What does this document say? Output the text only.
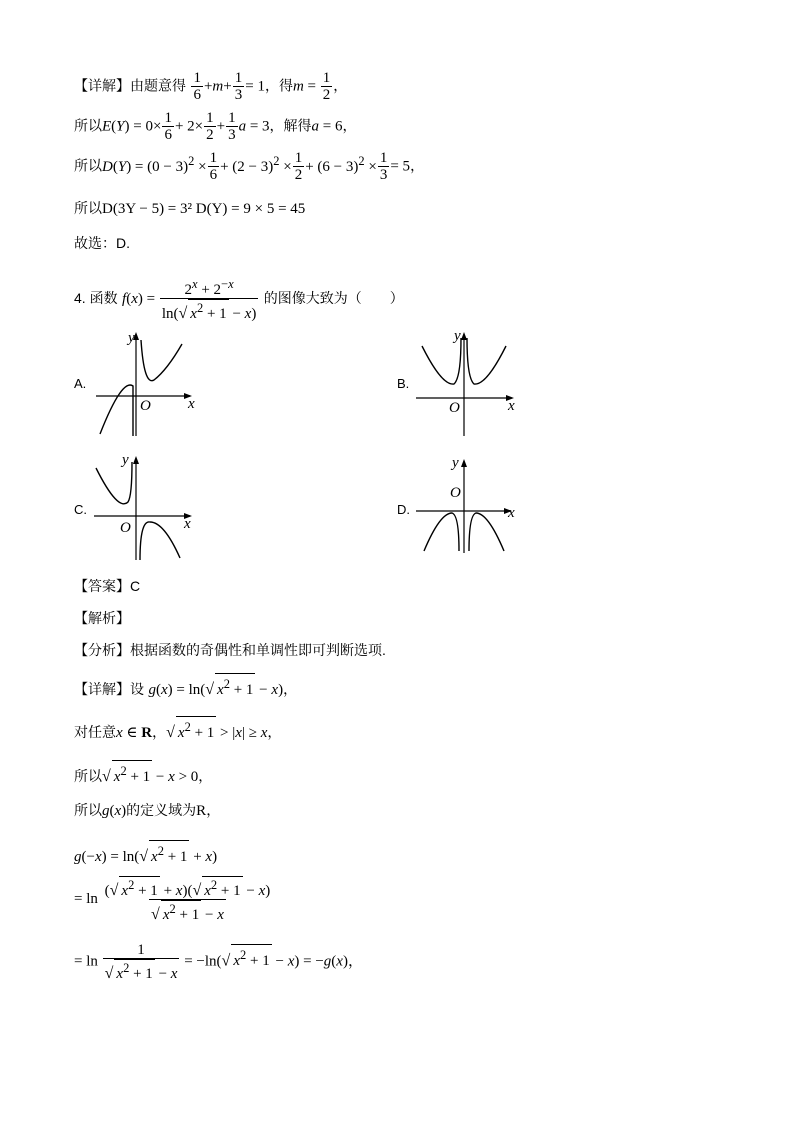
【详解】由题意得 $\frac{1}{6} +m+ \frac{1}{3} = 1$，得$m = \frac{1}{2}$ ，
所以$E(Y) = 0\times \frac{1}{6} + 2\times \frac{1}{2} + \frac{1}{3}$ a = 3，解得a = 6，
所以$D(Y) = (0 - 3)^2 \times \frac{1}{6} + (2 - 3)^2 \times \frac{1}{2} + (6 - 3)^2 \times \frac{1}{3} = 5$，
所以D(3Y − 5) = 3² D(Y) = 9 × 5 = 45
故选：D.
4. 函数 $f(x) = \frac{2^x + 2^{-x}}{\ln(√ x^2 + 1 - x)}$ 的图像大致为（　　）
A.	B.
C.	D.
y
x
O
y
x
O
y
x
O
y
x
O
【答案】C
【解析】
【分析】根据函数的奇偶性和单调性即可判断选项.
【详解】设 g(x) = ln(√ $x^2 + 1 - x$)，
对任意x ∈ R，√ $x^2 + 1 > |x| \ge x$，
所以√ $x^2 + 1 - x > 0$，
所以g(x)的定义域为R，
g(−x) = ln(√ $x^2 + 1 + x$)
= $\ln \frac{(√ x^2 + 1 + x)(√ x^2 + 1 - x)}{√ x^2 + 1 - x}$
= $\ln \frac{1}{√ x^2 + 1 - x} = -\ln(√$ $x^2 + 1 - x) = -g(x)$，
